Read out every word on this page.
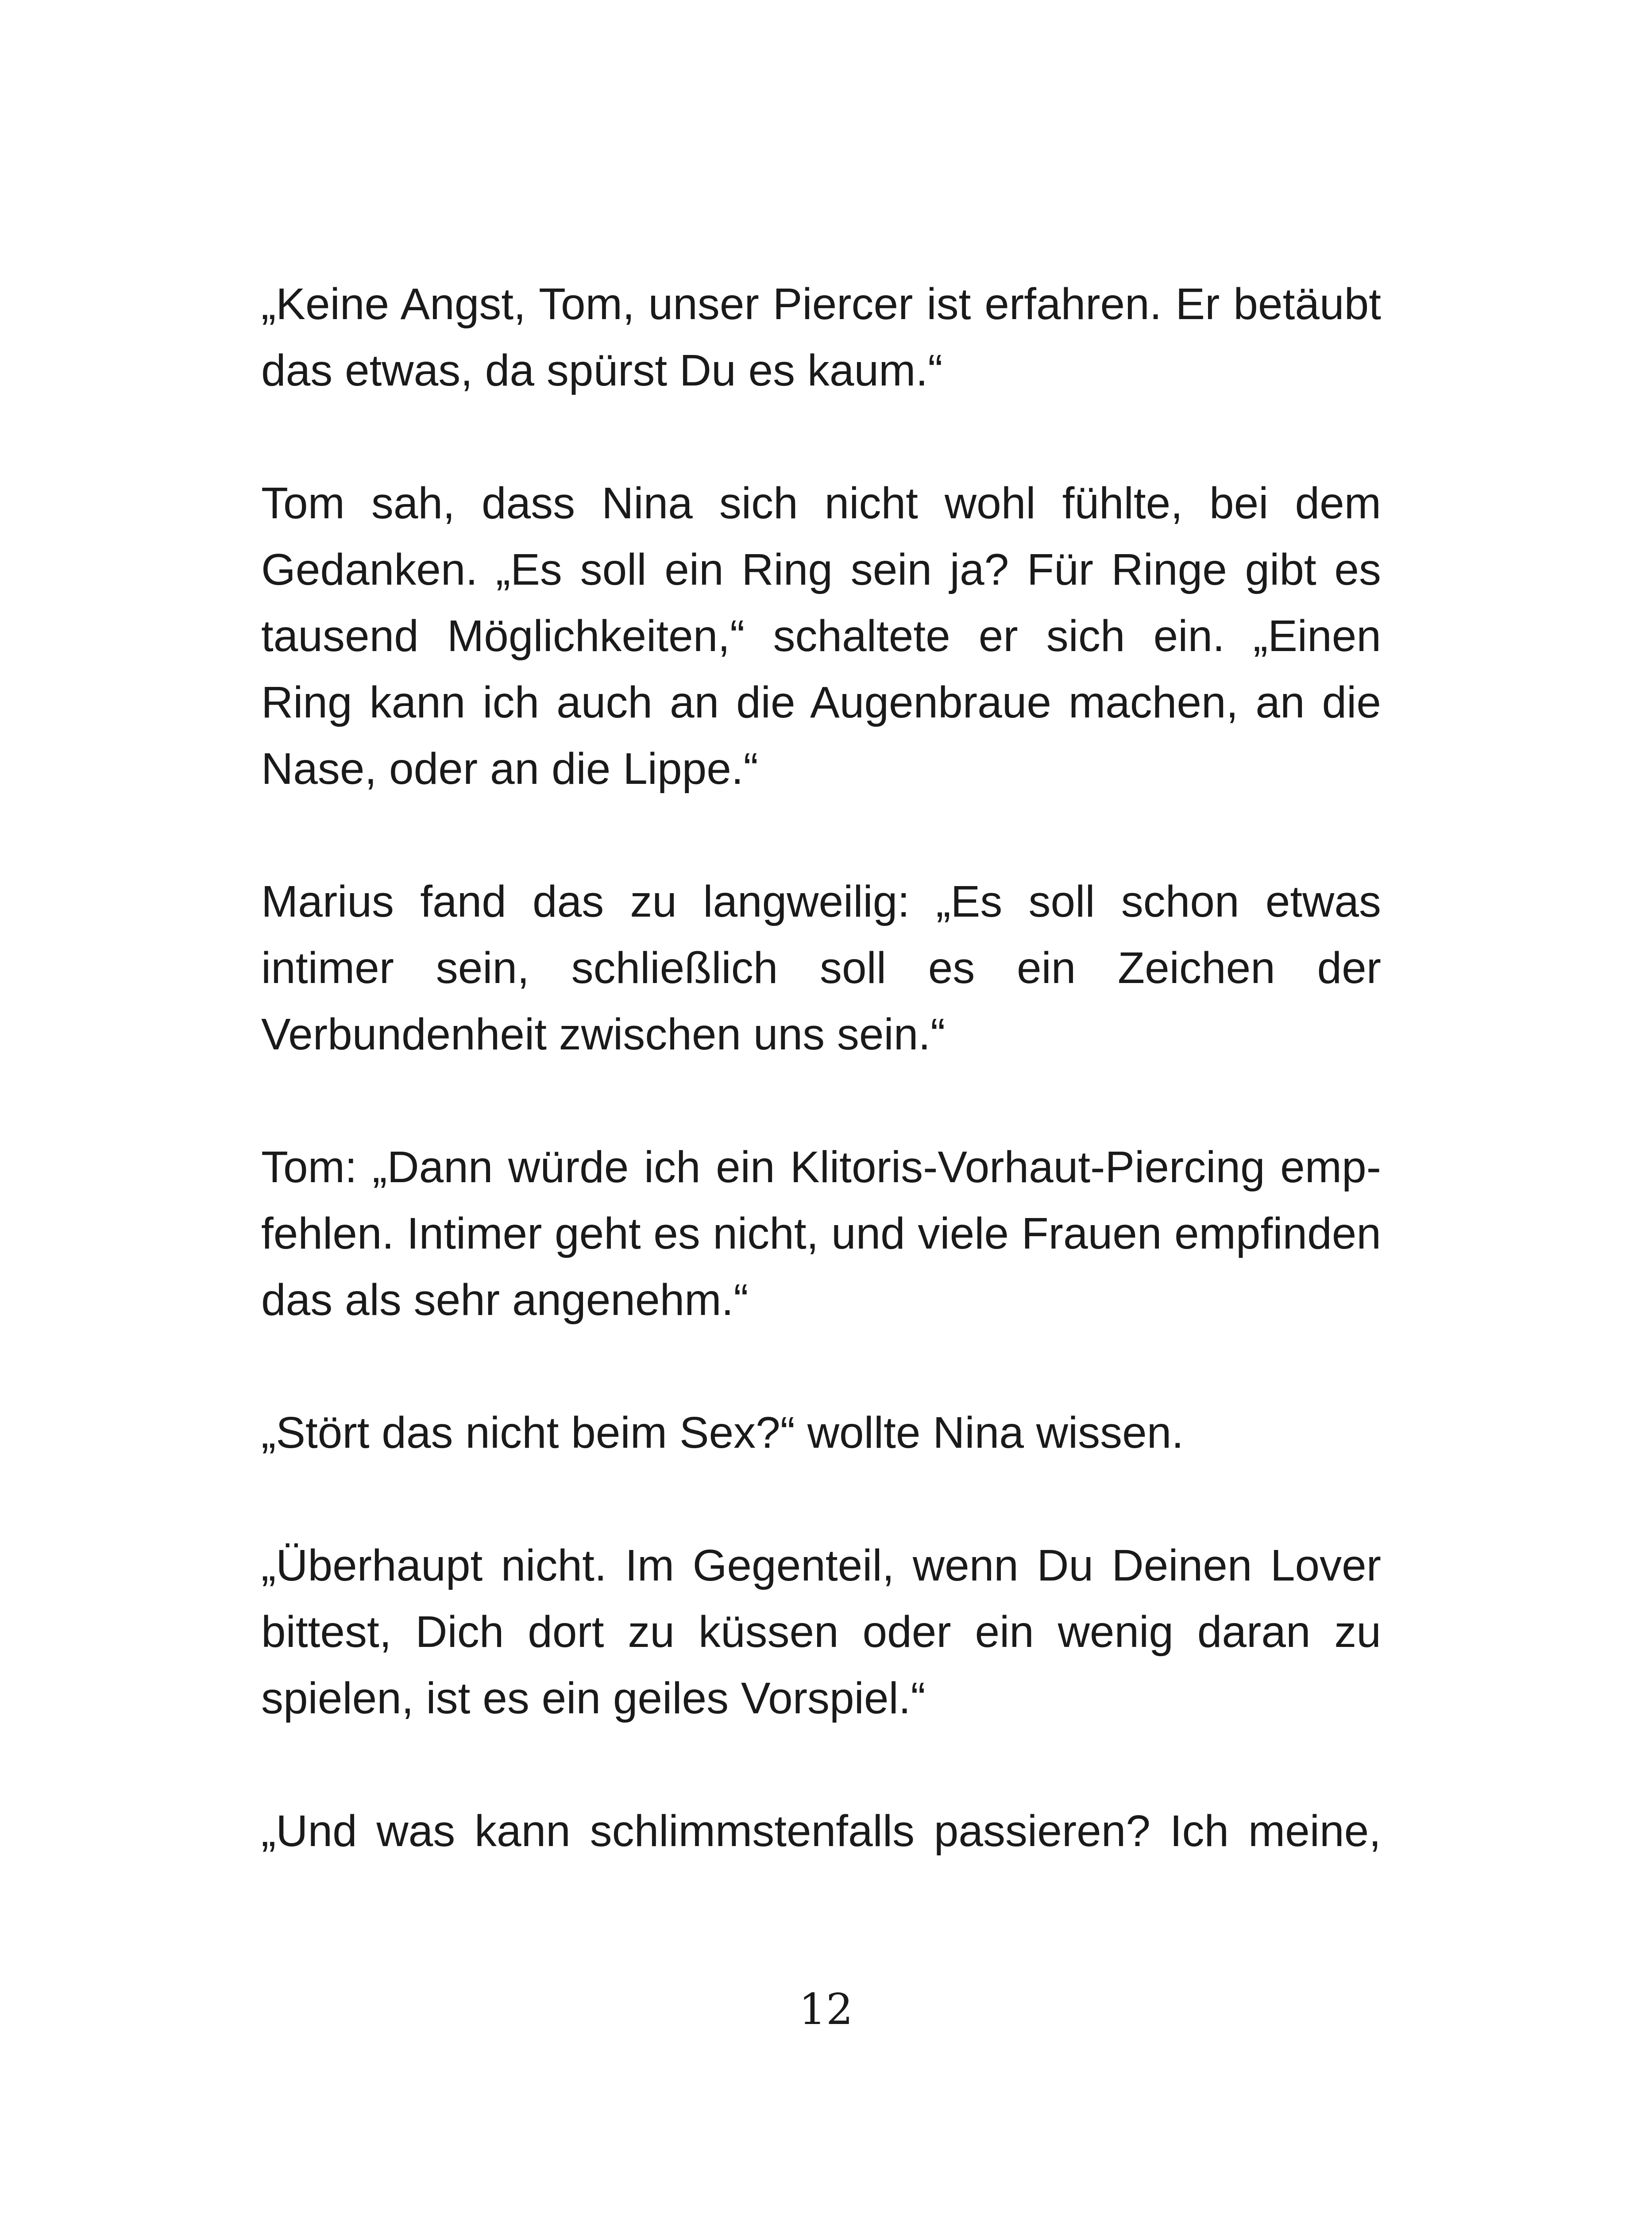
„Keine Angst, Tom, unser Piercer ist erfahren. Er betäubt das etwas, da spürst Du es kaum.“

Tom sah, dass Nina sich nicht wohl fühlte, bei dem Gedanken. „Es soll ein Ring sein ja? Für Ringe gibt es tausend Möglichkeiten,“ schaltete er sich ein. „Einen Ring kann ich auch an die Augenbraue machen, an die Nase, oder an die Lippe.“

Marius fand das zu langweilig: „Es soll schon etwas intimer sein, schließlich soll es ein Zeichen der Verbundenheit zwischen uns sein.“

Tom: „Dann würde ich ein Klitoris-Vorhaut-Piercing empfehlen. Intimer geht es nicht, und viele Frauen empfinden das als sehr angenehm.“

„Stört das nicht beim Sex?“ wollte Nina wissen.

„Überhaupt nicht. Im Gegenteil, wenn Du Deinen Lover bittest, Dich dort zu küssen oder ein wenig daran zu spielen, ist es ein geiles Vorspiel.“

„Und was kann schlimmstenfalls passieren? Ich meine,

12
